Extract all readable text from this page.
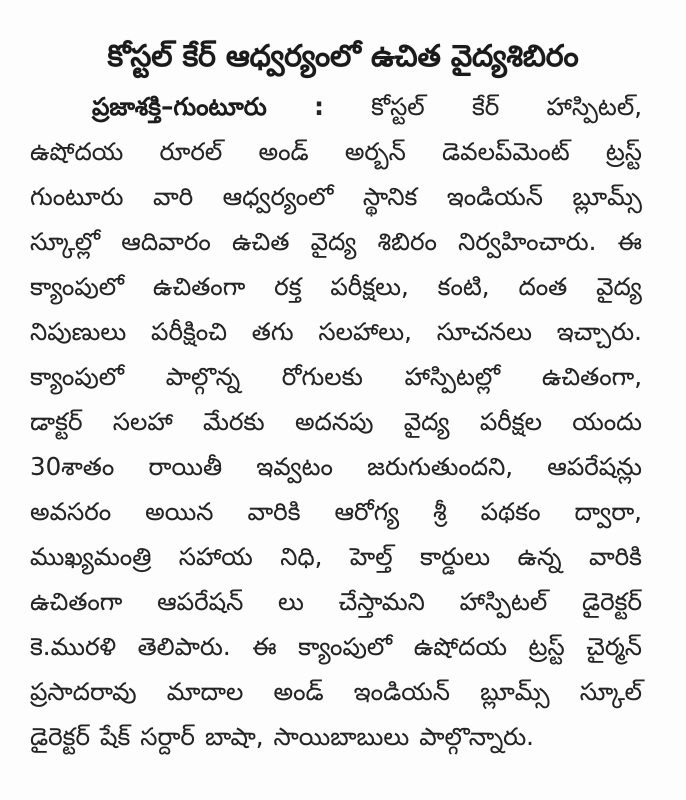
కోస్టల్ కేర్ ఆధ్వర్యంలో ఉచిత వైద్యశిబిరం
ప్రజాశక్తి–గుంటూరు : కోస్టల్ కేర్ హాస్పిటల్,
ఉషోదయ రూరల్ అండ్ అర్బన్ డెవలప్‌మెంట్ ట్రస్ట్
గుంటూరు వారి ఆధ్వర్యంలో స్థానిక ఇండియన్ బ్లూమ్స్
స్కూల్లో ఆదివారం ఉచిత వైద్య శిబిరం నిర్వహించారు. ఈ
క్యాంపులో ఉచితంగా రక్త పరీక్షలు, కంటి, దంత వైద్య
నిపుణులు పరీక్షించి తగు సలహాలు, సూచనలు ఇచ్చారు.
క్యాంపులో పాల్గొన్న రోగులకు హాస్పిటల్లో ఉచితంగా,
డాక్టర్ సలహా మేరకు అదనపు వైద్య పరీక్షల యందు
30శాతం రాయితీ ఇవ్వటం జరుగుతుందని, ఆపరేషన్లు
అవసరం అయిన వారికి ఆరోగ్య శ్రీ పథకం ద్వారా,
ముఖ్యమంత్రి సహాయ నిధి, హెల్త్ కార్డులు ఉన్న వారికి
ఉచితంగా ఆపరేషన్ లు చేస్తామని హాస్పిటల్ డైరెక్టర్
కె.మురళి తెలిపారు. ఈ క్యాంపులో ఉషోదయ ట్రస్ట్ చైర్మన్
ప్రసాదరావు మాదాల అండ్ ఇండియన్ బ్లూమ్స్ స్కూల్
డైరెక్టర్ షేక్ సర్దార్ బాషా, సాయిబాబులు పాల్గొన్నారు.
